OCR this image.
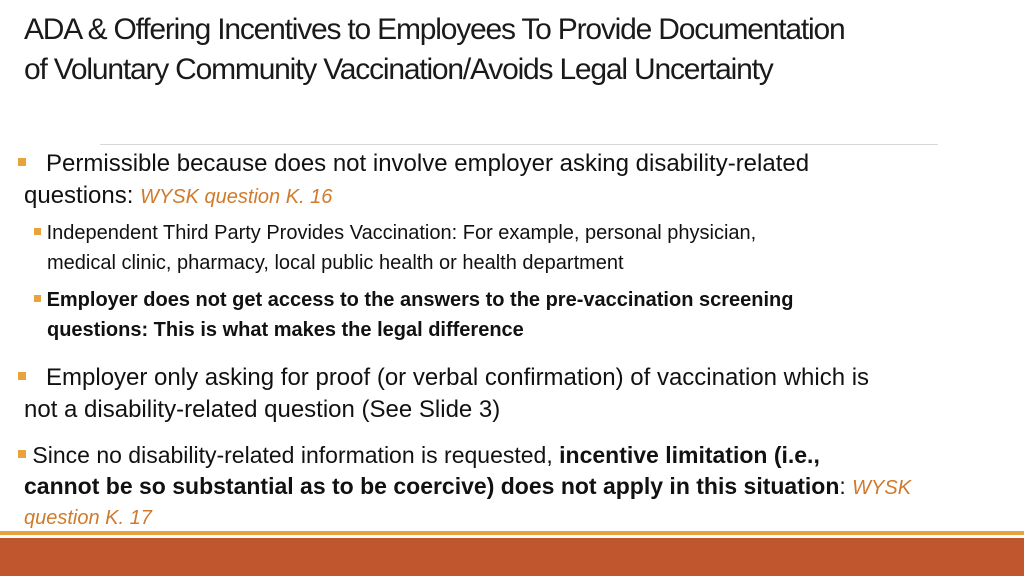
ADA & Offering Incentives to Employees To Provide Documentation
of Voluntary Community Vaccination/Avoids Legal Uncertainty
Permissible because does not involve employer asking disability-related
questions: WYSK question K. 16
Independent Third Party Provides Vaccination: For example, personal physician,
medical clinic, pharmacy, local public health or health department
Employer does not get access to the answers to the pre-vaccination screening
questions: This is what makes the legal difference
Employer only asking for proof (or verbal confirmation) of vaccination which is
not a disability-related question (See Slide 3)
Since no disability-related information is requested, incentive limitation (i.e.,
cannot be so substantial as to be coercive) does not apply in this situation: WYSK
question K. 17
